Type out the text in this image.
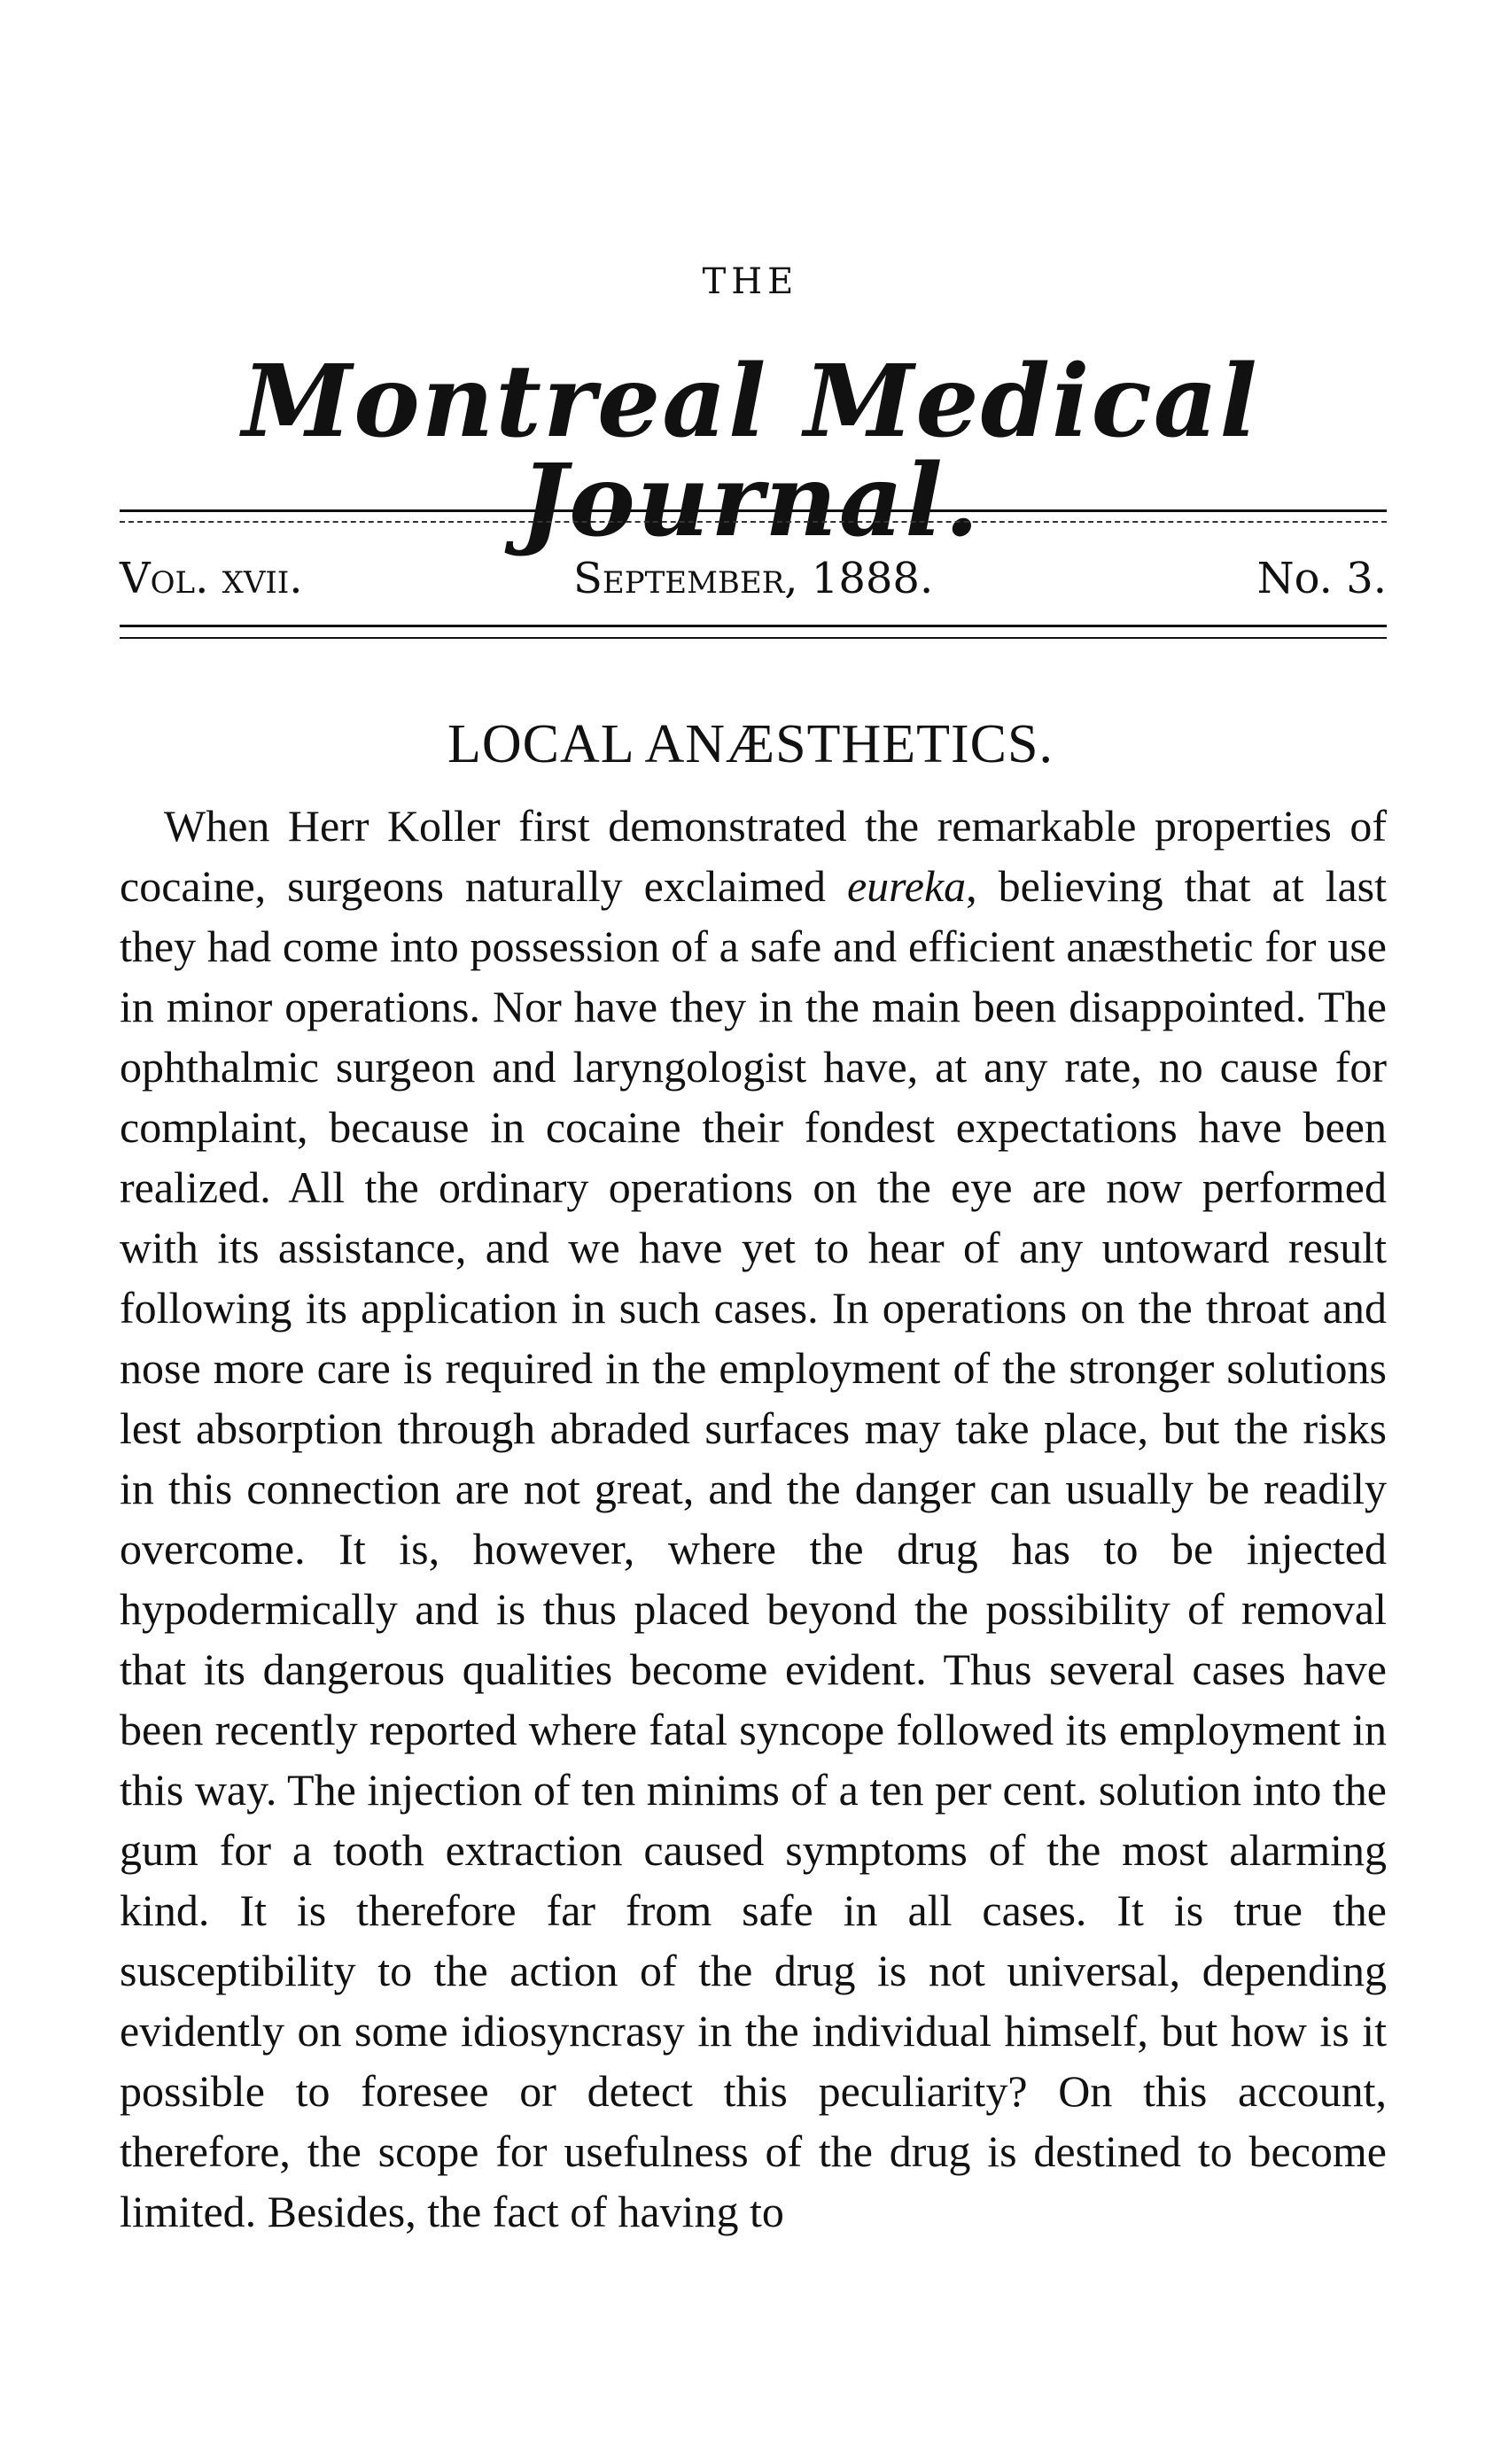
THE
Montreal Medical Journal.
Vol. xvii.	September, 1888.	No. 3.
LOCAL ANÆSTHETICS.

When Herr Koller first demonstrated the remarkable properties of cocaine, surgeons naturally exclaimed eureka, believing that at last they had come into possession of a safe and efficient anæsthetic for use in minor operations. Nor have they in the main been disappointed. The ophthalmic surgeon and laryngologist have, at any rate, no cause for complaint, because in cocaine their fondest expectations have been realized. All the ordinary operations on the eye are now performed with its assistance, and we have yet to hear of any untoward result following its application in such cases. In operations on the throat and nose more care is required in the employment of the stronger solutions lest absorption through abraded surfaces may take place, but the risks in this connection are not great, and the danger can usually be readily overcome. It is, however, where the drug has to be injected hypodermically and is thus placed beyond the possibility of removal that its dangerous qualities become evident. Thus several cases have been recently reported where fatal syncope followed its employment in this way. The injection of ten minims of a ten per cent. solution into the gum for a tooth extraction caused symptoms of the most alarming kind. It is therefore far from safe in all cases. It is true the susceptibility to the action of the drug is not universal, depending evidently on some idiosyncrasy in the individual himself, but how is it possible to foresee or detect this peculiarity? On this account, therefore, the scope for usefulness of the drug is destined to become limited. Besides, the fact of having to
